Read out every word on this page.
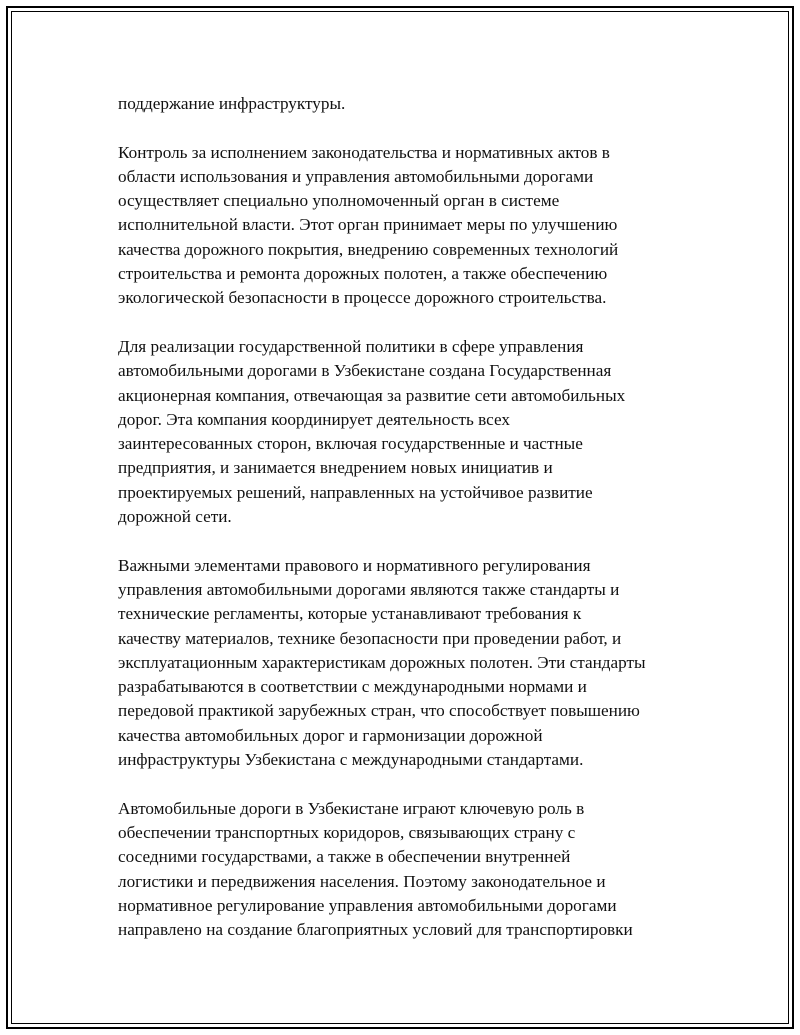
поддержание инфраструктуры.

Контроль за исполнением законодательства и нормативных актов в
области использования и управления автомобильными дорогами
осуществляет специально уполномоченный орган в системе
исполнительной власти. Этот орган принимает меры по улучшению
качества дорожного покрытия, внедрению современных технологий
строительства и ремонта дорожных полотен, а также обеспечению
экологической безопасности в процессе дорожного строительства.

Для реализации государственной политики в сфере управления
автомобильными дорогами в Узбекистане создана Государственная
акционерная компания, отвечающая за развитие сети автомобильных
дорог. Эта компания координирует деятельность всех
заинтересованных сторон, включая государственные и частные
предприятия, и занимается внедрением новых инициатив и
проектируемых решений, направленных на устойчивое развитие
дорожной сети.

Важными элементами правового и нормативного регулирования
управления автомобильными дорогами являются также стандарты и
технические регламенты, которые устанавливают требования к
качеству материалов, технике безопасности при проведении работ, и
эксплуатационным характеристикам дорожных полотен. Эти стандарты
разрабатываются в соответствии с международными нормами и
передовой практикой зарубежных стран, что способствует повышению
качества автомобильных дорог и гармонизации дорожной
инфраструктуры Узбекистана с международными стандартами.

Автомобильные дороги в Узбекистане играют ключевую роль в
обеспечении транспортных коридоров, связывающих страну с
соседними государствами, а также в обеспечении внутренней
логистики и передвижения населения. Поэтому законодательное и
нормативное регулирование управления автомобильными дорогами
направлено на создание благоприятных условий для транспортировки
